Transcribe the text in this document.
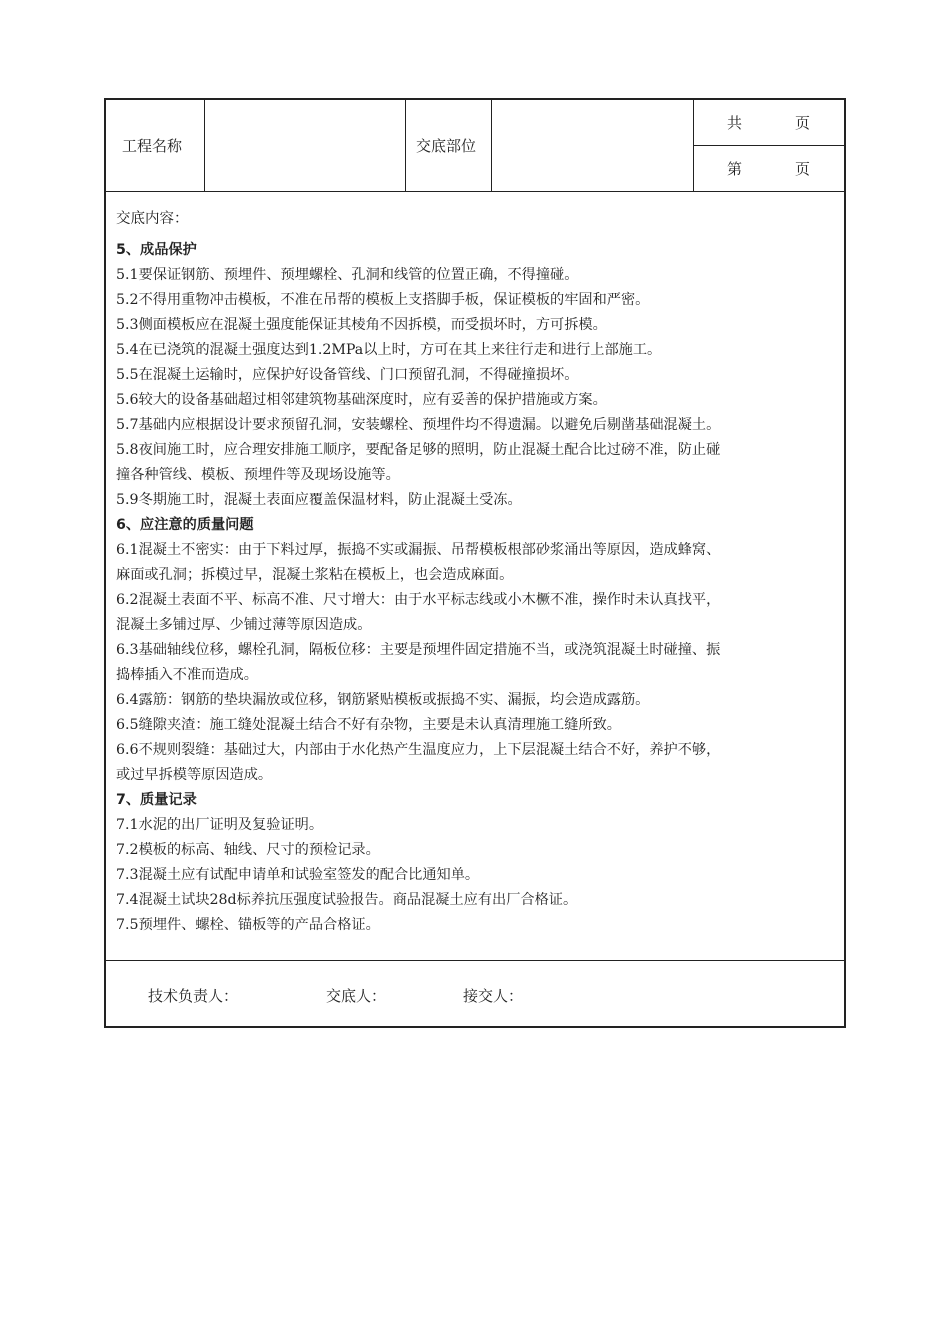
工程名称	交底部位
共	页
第	页
交底内容：
5、成品保护
5.1要保证钢筋、预埋件、预埋螺栓、孔洞和线管的位置正确，不得撞碰。
5.2不得用重物冲击模板，不准在吊帮的模板上支搭脚手板，保证模板的牢固和严密。
5.3侧面模板应在混凝土强度能保证其棱角不因拆模，而受损坏时，方可拆模。
5.4在已浇筑的混凝土强度达到1.2MPa以上时，方可在其上来往行走和进行上部施工。
5.5在混凝土运输时，应保护好设备管线、门口预留孔洞，不得碰撞损坏。
5.6较大的设备基础超过相邻建筑物基础深度时，应有妥善的保护措施或方案。
5.7基础内应根据设计要求预留孔洞，安装螺栓、预埋件均不得遗漏。以避免后剔凿基础混凝土。
5.8夜间施工时，应合理安排施工顺序，要配备足够的照明，防止混凝土配合比过磅不准，防止碰
撞各种管线、模板、预埋件等及现场设施等。
5.9冬期施工时，混凝土表面应覆盖保温材料，防止混凝土受冻。
6、应注意的质量问题
6.1混凝土不密实：由于下料过厚，振捣不实或漏振、吊帮模板根部砂浆涌出等原因，造成蜂窝、
麻面或孔洞；拆模过早，混凝土浆粘在模板上，也会造成麻面。
6.2混凝土表面不平、标高不准、尺寸增大：由于水平标志线或小木橛不准，操作时未认真找平，
混凝土多铺过厚、少铺过薄等原因造成。
6.3基础轴线位移，螺栓孔洞，隔板位移：主要是预埋件固定措施不当，或浇筑混凝土时碰撞、振
捣棒插入不准而造成。
6.4露筋：钢筋的垫块漏放或位移，钢筋紧贴模板或振捣不实、漏振，均会造成露筋。
6.5缝隙夹渣：施工缝处混凝土结合不好有杂物，主要是未认真清理施工缝所致。
6.6不规则裂缝：基础过大，内部由于水化热产生温度应力，上下层混凝土结合不好，养护不够，
或过早拆模等原因造成。
7、质量记录
7.1水泥的出厂证明及复验证明。
7.2模板的标高、轴线、尺寸的预检记录。
7.3混凝土应有试配申请单和试验室签发的配合比通知单。
7.4混凝土试块28d标养抗压强度试验报告。商品混凝土应有出厂合格证。
7.5预埋件、螺栓、锚板等的产品合格证。
技术负责人：	交底人：	接交人：
